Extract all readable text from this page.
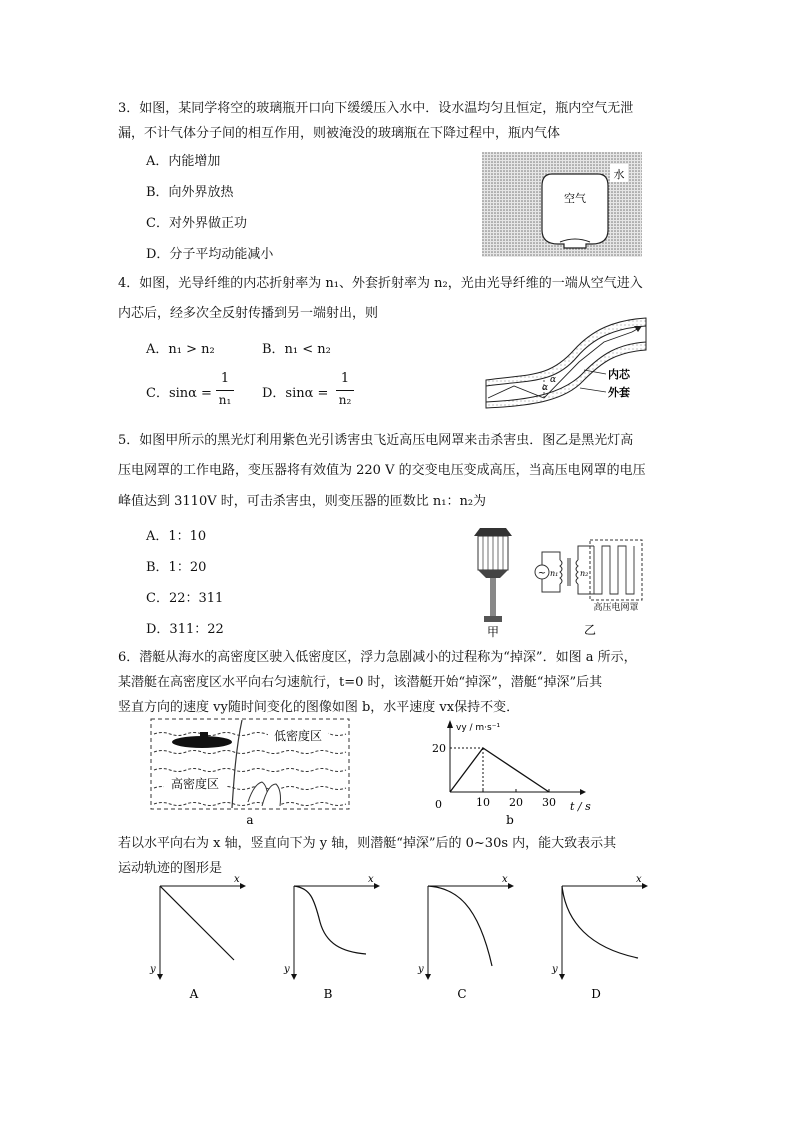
3．如图，某同学将空的玻璃瓶开口向下缓缓压入水中．设水温均匀且恒定，瓶内空气无泄
漏，不计气体分子间的相互作用，则被淹没的玻璃瓶在下降过程中，瓶内气体
A．内能增加
B．向外界放热
C．对外界做正功
D．分子平均动能减小
水
空气
4．如图，光导纤维的内芯折射率为 n₁、外套折射率为 n₂，光由光导纤维的一端从空气进入
内芯后，经多次全反射传播到另一端射出，则
A．n₁ > n₂	B．n₁ < n₂
C．sinα =
1
n₁ D．sinα =
1
n₂
α
α	内芯
外套
5．如图甲所示的黑光灯利用紫色光引诱害虫飞近高压电网罩来击杀害虫．图乙是黑光灯高
压电网罩的工作电路，变压器将有效值为 220 V 的交变电压变成高压，当高压电网罩的电压
峰值达到 3110V 时，可击杀害虫，则变压器的匝数比 n₁：n₂为
A．1：10
B．1：20
C．22：311
D．311：22	甲
~ n₁	n₂
高压电网罩
乙
6．潜艇从海水的高密度区驶入低密度区，浮力急剧减小的过程称为“掉深”．如图 a 所示，
某潜艇在高密度区水平向右匀速航行，t=0 时，该潜艇开始“掉深”，潜艇“掉深”后其
竖直方向的速度 vy随时间变化的图像如图 b，水平速度 vx保持不变．
低密度区
高密度区
a
vy / m·s⁻¹
t / s
0	10 20 30
20
b
若以水平向右为 x 轴，竖直向下为 y 轴，则潜艇“掉深”后的 0~30s 内，能大致表示其
运动轨迹的图形是
x
y
A
x
y
B
x
y
C
x
y
D
